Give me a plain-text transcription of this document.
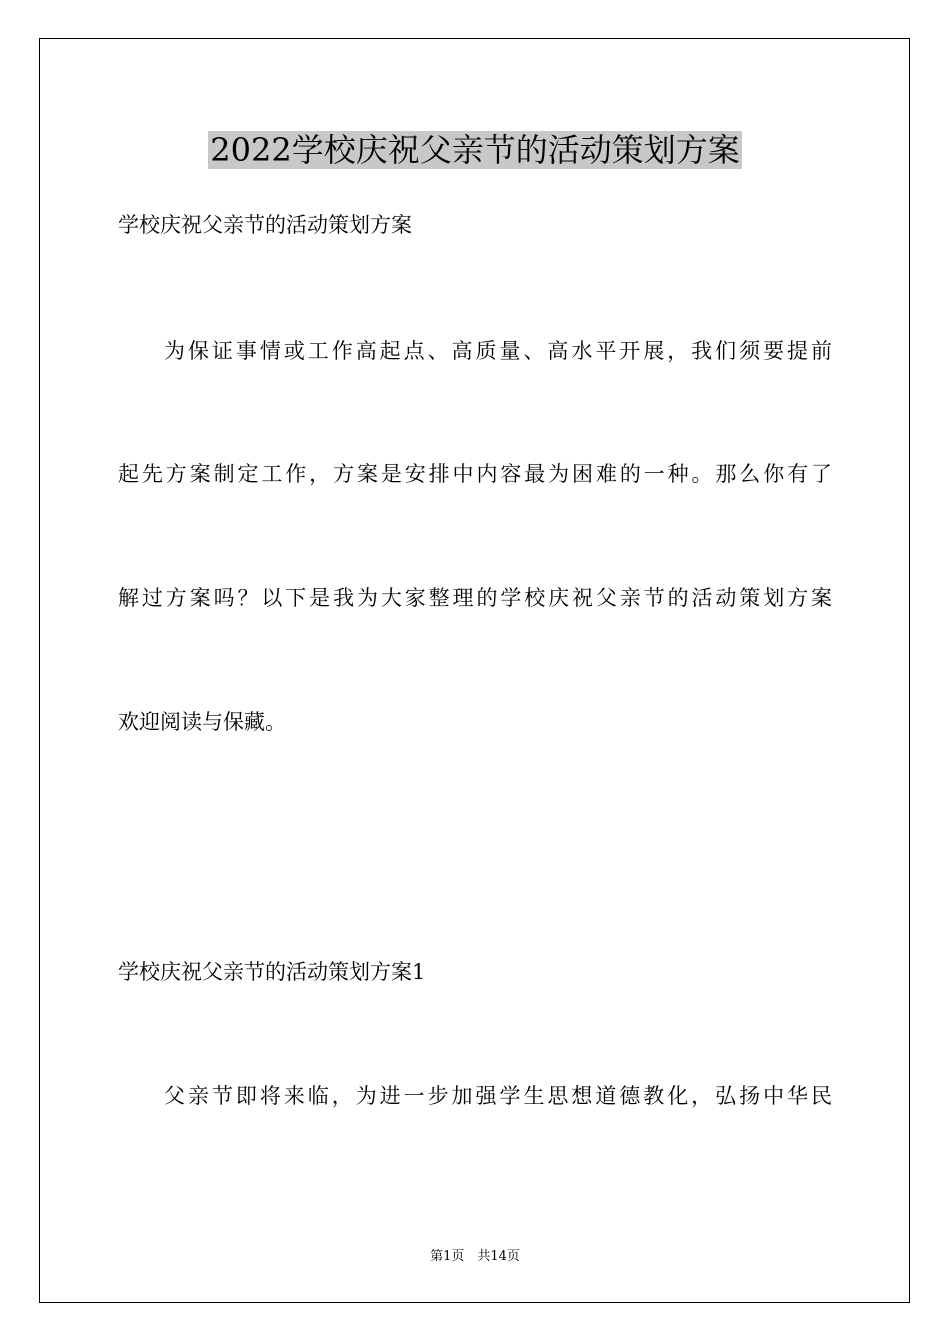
2022学校庆祝父亲节的活动策划方案

学校庆祝父亲节的活动策划方案

为保证事情或工作高起点、高质量、高水平开展，我们须要提前

起先方案制定工作，方案是安排中内容最为困难的一种。那么你有了

解过方案吗？以下是我为大家整理的学校庆祝父亲节的活动策划方案

欢迎阅读与保藏。

学校庆祝父亲节的活动策划方案1

父亲节即将来临，为进一步加强学生思想道德教化，弘扬中华民

第1页　共14页
